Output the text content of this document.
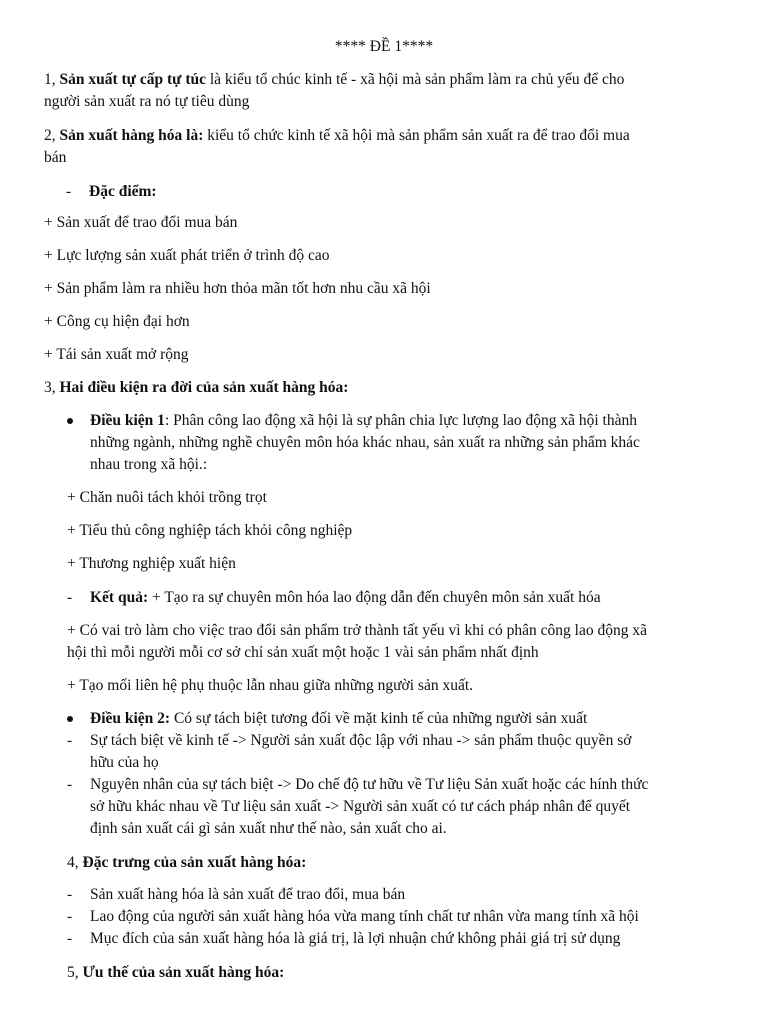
**** ĐỀ 1****
1, Sản xuất tự cấp tự túc là kiểu tổ chúc kinh tế - xã hội mà sản phẩm làm ra chủ yếu để cho
người sản xuất ra nó tự tiêu dùng
2, Sản xuất hàng hóa là: kiểu tổ chức kinh tế xã hội mà sản phẩm sản xuất ra để trao đổi mua
bán
- Đặc điểm:
+ Sản xuất để trao đổi mua bán
+ Lực lượng sản xuất phát triển ở trình độ cao
+ Sản phẩm làm ra nhiều hơn thỏa mãn tốt hơn nhu cầu xã hội
+ Công cụ hiện đại hơn
+ Tái sản xuất mở rộng
3, Hai điều kiện ra đời của sản xuất hàng hóa:
Điều kiện 1: Phân công lao động xã hội là sự phân chia lực lượng lao động xã hội thành
những ngành, những nghề chuyên môn hóa khác nhau, sản xuất ra những sản phẩm khác
nhau trong xã hội.:
+ Chăn nuôi tách khỏi trồng trọt
+ Tiểu thủ công nghiệp tách khỏi công nghiệp
+ Thương nghiệp xuất hiện
- Kết quả: + Tạo ra sự chuyên môn hóa lao động dẫn đến chuyên môn sản xuất hóa
+ Có vai trò làm cho việc trao đổi sản phẩm trở thành tất yếu vì khi có phân công lao động xã
hội thì mỗi người mỗi cơ sở chỉ sản xuất một hoặc 1 vài sản phẩm nhất định
+ Tạo mối liên hệ phụ thuộc lẫn nhau giữa những người sản xuất.
Điều kiện 2: Có sự tách biệt tương đối về mặt kinh tế của những người sản xuất
- Sự tách biệt về kinh tế -> Người sản xuất độc lập với nhau -> sản phẩm thuộc quyền sở
hữu của họ
- Nguyên nhân của sự tách biệt -> Do chế độ tư hữu về Tư liệu Sản xuất hoặc các hính thức
sở hữu khác nhau về Tư liệu sản xuất -> Người sản xuất có tư cách pháp nhân để quyết
định sản xuất cái gì sản xuất như thế nào, sản xuất cho ai.
4, Đặc trưng của sản xuất hàng hóa:
- Sản xuất hàng hóa là sản xuất để trao đổi, mua bán
- Lao động của người sản xuất hàng hóa vừa mang tính chất tư nhân vừa mang tính xã hội
- Mục đích của sản xuất hàng hóa là giá trị, là lợi nhuận chứ không phải giá trị sử dụng
5, Ưu thế của sản xuất hàng hóa:
